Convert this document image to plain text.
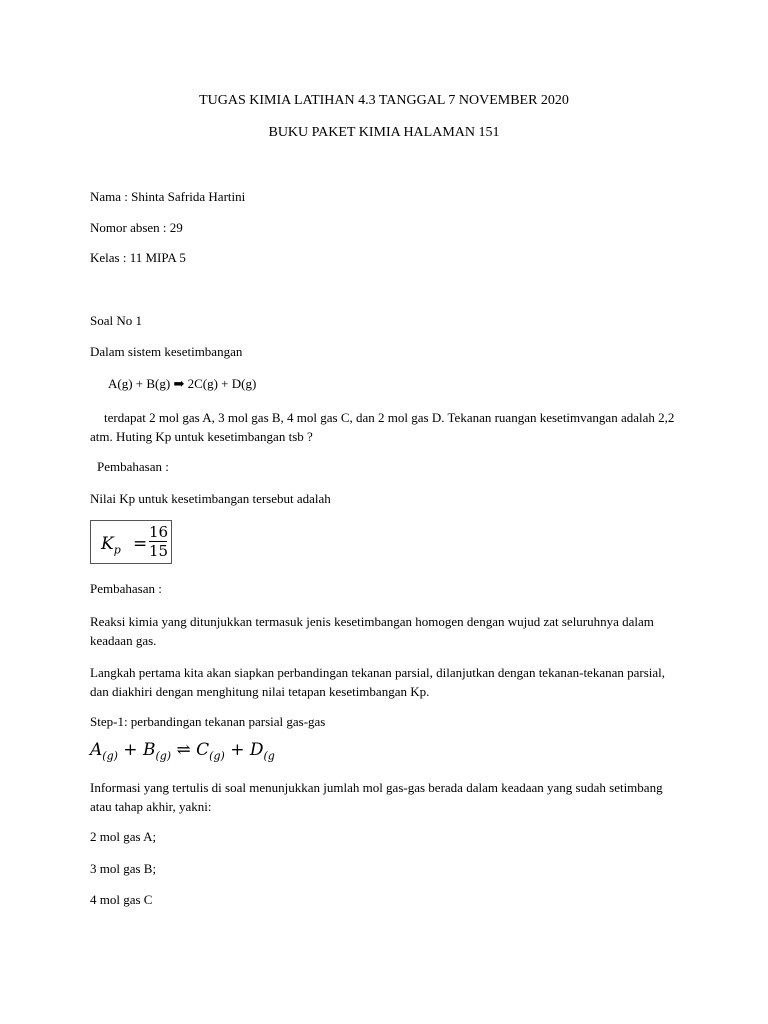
TUGAS KIMIA LATIHAN 4.3 TANGGAL 7 NOVEMBER 2020

BUKU PAKET KIMIA HALAMAN 151

Nama : Shinta Safrida Hartini

Nomor absen : 29

Kelas : 11 MIPA 5

Soal No 1

Dalam sistem kesetimbangan

A(g) + B(g) ➡ 2C(g) + D(g)

terdapat 2 mol gas A, 3 mol gas B, 4 mol gas C, dan 2 mol gas D. Tekanan ruangan kesetimvangan adalah 2,2 atm. Huting Kp untuk kesetimbangan tsb ?

Pembahasan :

Nilai Kp untuk kesetimbangan tersebut adalah

$K_p$ =
16
15

Pembahasan :

Reaksi kimia yang ditunjukkan termasuk jenis kesetimbangan homogen dengan wujud zat seluruhnya dalam keadaan gas.

Langkah pertama kita akan siapkan perbandingan tekanan parsial, dilanjutkan dengan tekanan-tekanan parsial, dan diakhiri dengan menghitung nilai tetapan kesetimbangan Kp.

Step-1: perbandingan tekanan parsial gas-gas

$A_{(g)} + B_{(g)}$ ⇌ $C_{(g)} + D_{(g}$

Informasi yang tertulis di soal menunjukkan jumlah mol gas-gas berada dalam keadaan yang sudah setimbang atau tahap akhir, yakni:

2 mol gas A;

3 mol gas B;

4 mol gas C
